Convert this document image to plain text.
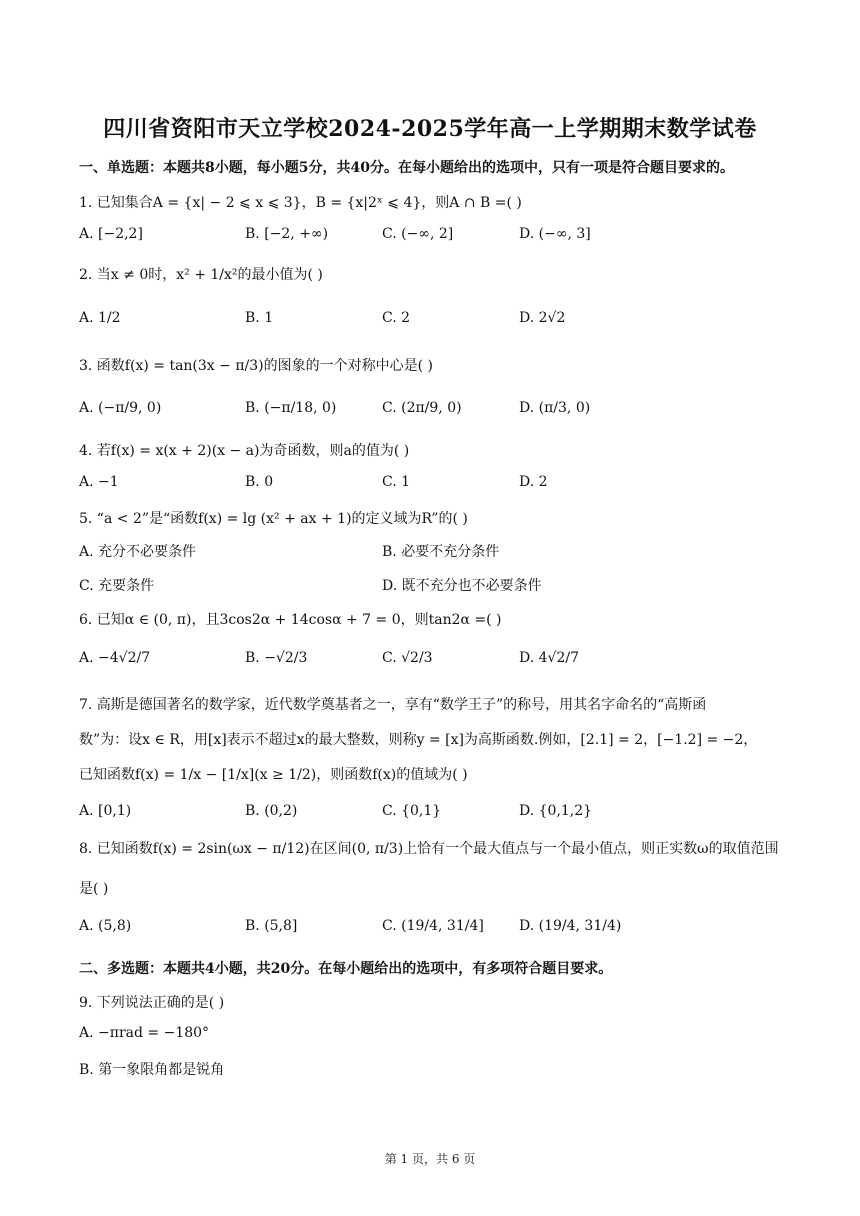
四川省资阳市天立学校2024-2025学年高一上学期期末数学试卷
一、单选题：本题共8小题，每小题5分，共40分。在每小题给出的选项中，只有一项是符合题目要求的。
1. 已知集合A = {x| − 2 ⩽ x ⩽ 3}，B = {x|2ˣ ⩽ 4}，则A ∩ B =( )
A. [−2,2]	B. [−2, +∞)	C. (−∞, 2]	D. (−∞, 3]
2. 当x ≠ 0时，x² + 1/x²的最小值为( )
A. 1/2	B. 1	C. 2	D. 2√2
3. 函数f(x) = tan(3x − π/3)的图象的一个对称中心是( )
A. (−π/9, 0)	B. (−π/18, 0)	C. (2π/9, 0)	D. (π/3, 0)
4. 若f(x) = x(x + 2)(x − a)为奇函数，则a的值为( )
A. −1	B. 0	C. 1	D. 2
5. “a < 2”是“函数f(x) = lg (x² + ax + 1)的定义域为R”的( )
A. 充分不必要条件	B. 必要不充分条件
C. 充要条件	D. 既不充分也不必要条件
6. 已知α ∈ (0, π)，且3cos2α + 14cosα + 7 = 0，则tan2α =( )
A. −4√2/7	B. −√2/3	C. √2/3	D. 4√2/7
7. 高斯是德国著名的数学家，近代数学奠基者之一，享有“数学王子”的称号，用其名字命名的“高斯函
数”为：设x ∈ R，用[x]表示不超过x的最大整数，则称y = [x]为高斯函数.例如，[2.1] = 2，[−1.2] = −2，
已知函数f(x) = 1/x − [1/x](x ≥ 1/2)，则函数f(x)的值域为( )
A. [0,1)	B. (0,2)	C. {0,1}	D. {0,1,2}
8. 已知函数f(x) = 2sin(ωx − π/12)在区间(0, π/3)上恰有一个最大值点与一个最小值点，则正实数ω的取值范围
是( )
A. (5,8)	B. (5,8]	C. (19/4, 31/4]	D. (19/4, 31/4)
二、多选题：本题共4小题，共20分。在每小题给出的选项中，有多项符合题目要求。
9. 下列说法正确的是( )
A. −πrad = −180°
B. 第一象限角都是锐角
第 1 页，共 6 页
